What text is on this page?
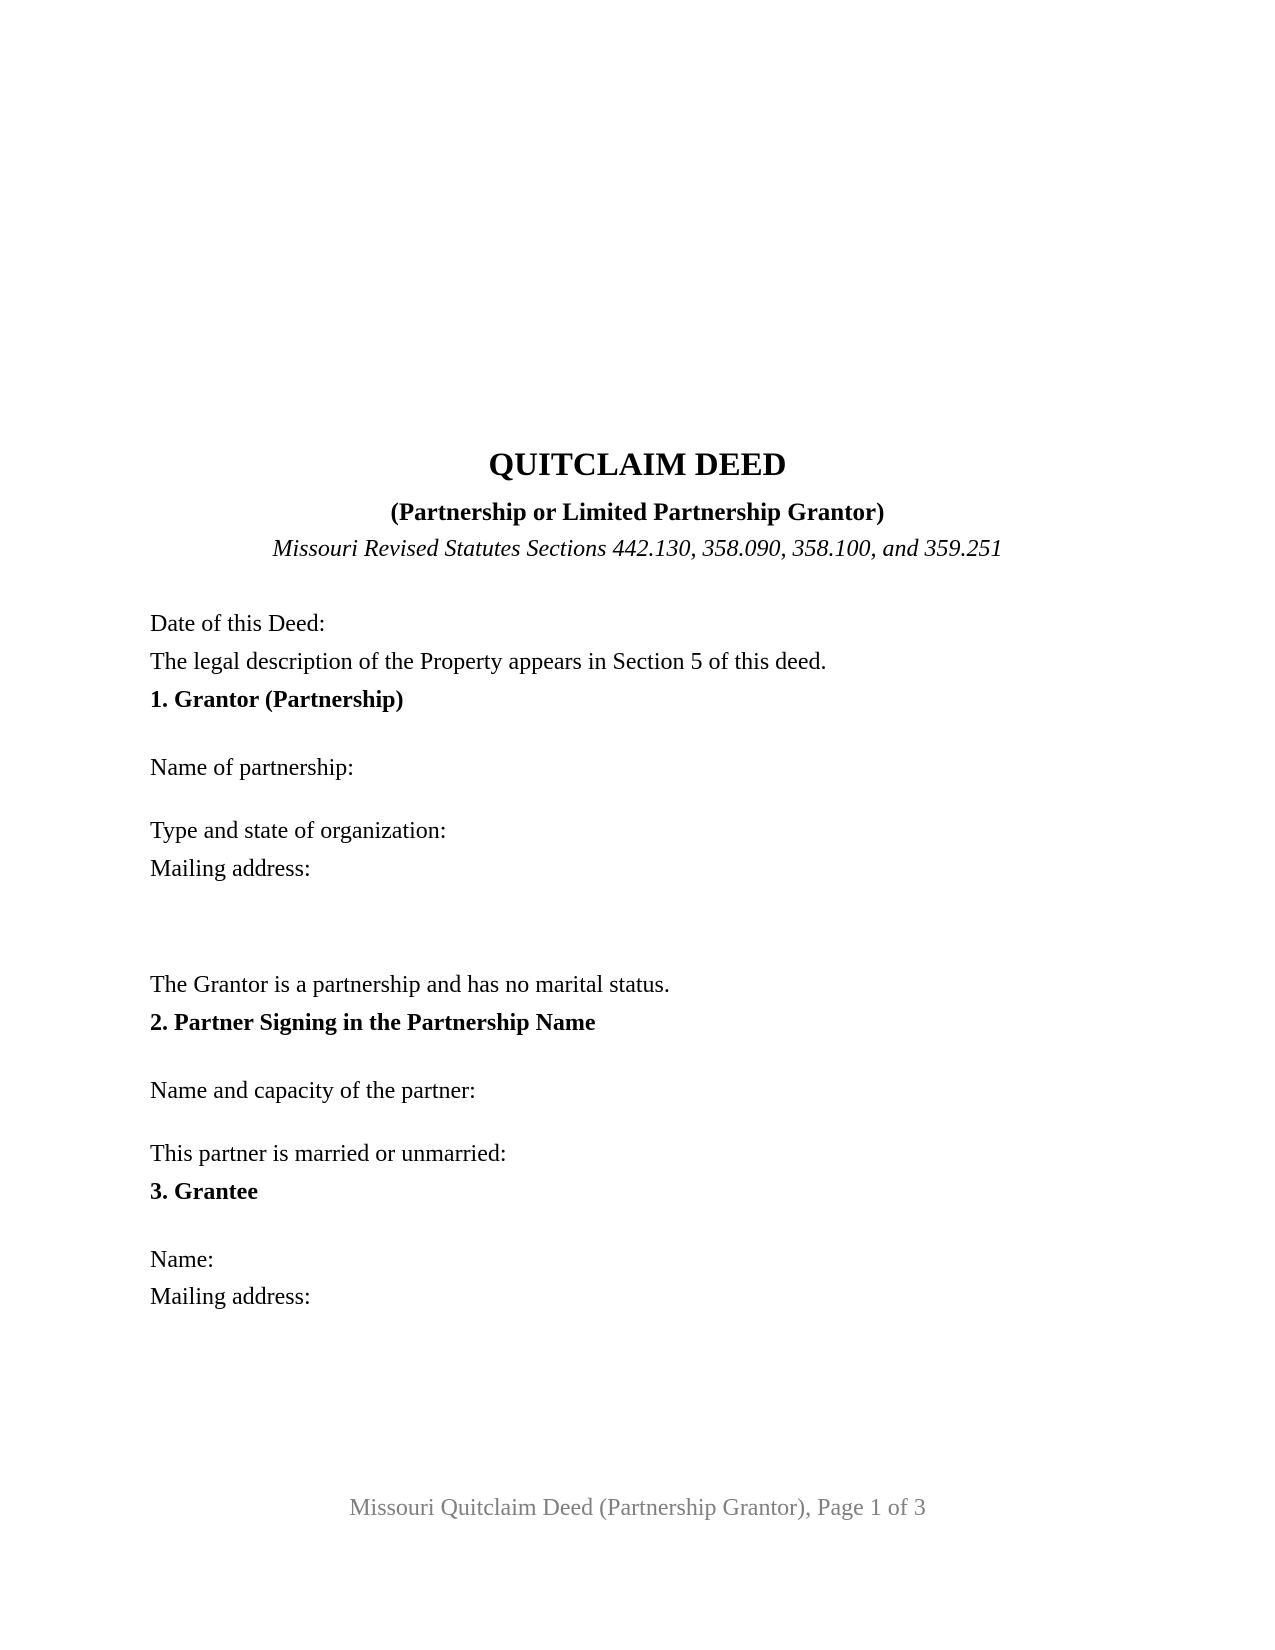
QUITCLAIM DEED
(Partnership or Limited Partnership Grantor)
Missouri Revised Statutes Sections 442.130, 358.090, 358.100, and 359.251
Date of this Deed:
The legal description of the Property appears in Section 5 of this deed.
1. Grantor (Partnership)
Name of partnership:
Type and state of organization:
Mailing address:
The Grantor is a partnership and has no marital status.
2. Partner Signing in the Partnership Name
Name and capacity of the partner:
This partner is married or unmarried:
3. Grantee
Name:
Mailing address:
Missouri Quitclaim Deed (Partnership Grantor), Page 1 of 3
